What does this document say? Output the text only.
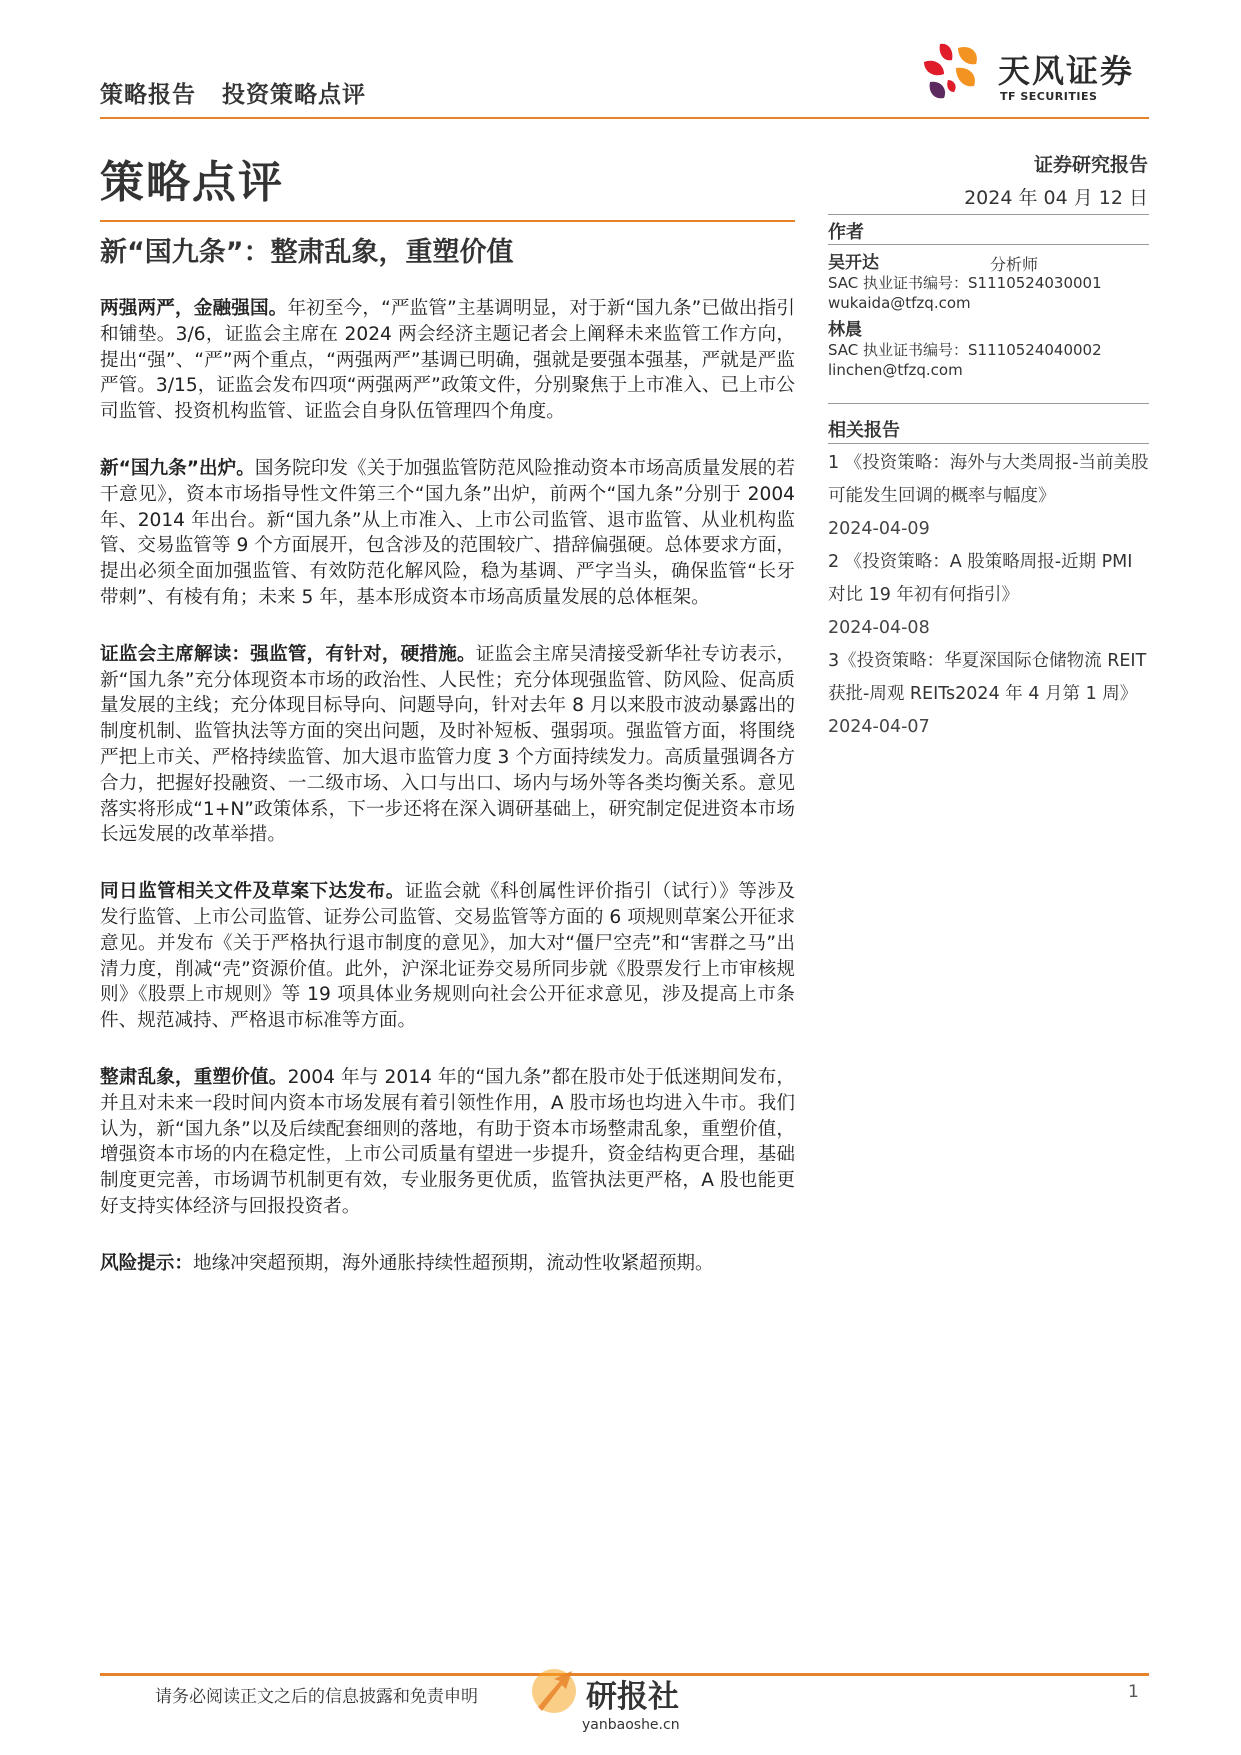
策略报告 投资策略点评
天风证券
TF SECURITIES
策略点评	证券研究报告
2024 年 04 月 12 日
新“国九条”：整肃乱象，重塑价值

两强两严，金融强国。年初至今，“严监管”主基调明显，对于新“国九条”已做出指引和铺垫。3/6，证监会主席在 2024 两会经济主题记者会上阐释未来监管工作方向，提出“强”、“严”两个重点，“两强两严”基调已明确，强就是要强本强基，严就是严监严管。3/15，证监会发布四项“两强两严”政策文件，分别聚焦于上市准入、已上市公司监管、投资机构监管、证监会自身队伍管理四个角度。

新“国九条”出炉。国务院印发《关于加强监管防范风险推动资本市场高质量发展的若干意见》，资本市场指导性文件第三个“国九条”出炉，前两个“国九条”分别于 2004 年、2014 年出台。新“国九条”从上市准入、上市公司监管、退市监管、从业机构监管、交易监管等 9 个方面展开，包含涉及的范围较广、措辞偏强硬。总体要求方面，提出必须全面加强监管、有效防范化解风险，稳为基调、严字当头，确保监管“长牙带刺”、有棱有角；未来 5 年，基本形成资本市场高质量发展的总体框架。

证监会主席解读：强监管，有针对，硬措施。证监会主席吴清接受新华社专访表示，新“国九条”充分体现资本市场的政治性、人民性；充分体现强监管、防风险、促高质量发展的主线；充分体现目标导向、问题导向，针对去年 8 月以来股市波动暴露出的制度机制、监管执法等方面的突出问题，及时补短板、强弱项。强监管方面，将围绕严把上市关、严格持续监管、加大退市监管力度 3 个方面持续发力。高质量强调各方合力，把握好投融资、一二级市场、入口与出口、场内与场外等各类均衡关系。意见落实将形成“1+N”政策体系，下一步还将在深入调研基础上，研究制定促进资本市场长远发展的改革举措。

同日监管相关文件及草案下达发布。证监会就《科创属性评价指引（试行）》等涉及发行监管、上市公司监管、证券公司监管、交易监管等方面的 6 项规则草案公开征求意见。并发布《关于严格执行退市制度的意见》，加大对“僵尸空壳”和“害群之马”出清力度，削减“壳”资源价值。此外，沪深北证券交易所同步就《股票发行上市审核规则》《股票上市规则》等 19 项具体业务规则向社会公开征求意见，涉及提高上市条件、规范减持、严格退市标准等方面。

整肃乱象，重塑价值。2004 年与 2014 年的“国九条”都在股市处于低迷期间发布，并且对未来一段时间内资本市场发展有着引领性作用，A 股市场也均进入牛市。我们认为，新“国九条”以及后续配套细则的落地，有助于资本市场整肃乱象，重塑价值，增强资本市场的内在稳定性，上市公司质量有望进一步提升，资金结构更合理，基础制度更完善，市场调节机制更有效，专业服务更优质，监管执法更严格，A 股也能更好支持实体经济与回报投资者。

风险提示：地缘冲突超预期，海外通胀持续性超预期，流动性收紧超预期。

作者
吴开达	分析师
SAC 执业证书编号：S1110524030001
wukaida@tfzq.com
林晨
SAC 执业证书编号：S1110524040002
linchen@tfzq.com
相关报告
1 《投资策略：海外与大类周报-当前美股可能发生回调的概率与幅度》
2024-04-09
2 《投资策略：A 股策略周报-近期 PMI 对比 19 年初有何指引》
2024-04-08
3《投资策略：华夏深国际仓储物流 REIT 获批-周观 REITs2024 年 4 月第 1 周》
2024-04-07
请务必阅读正文之后的信息披露和免责申明	1
研报社
yanbaoshe.cn
